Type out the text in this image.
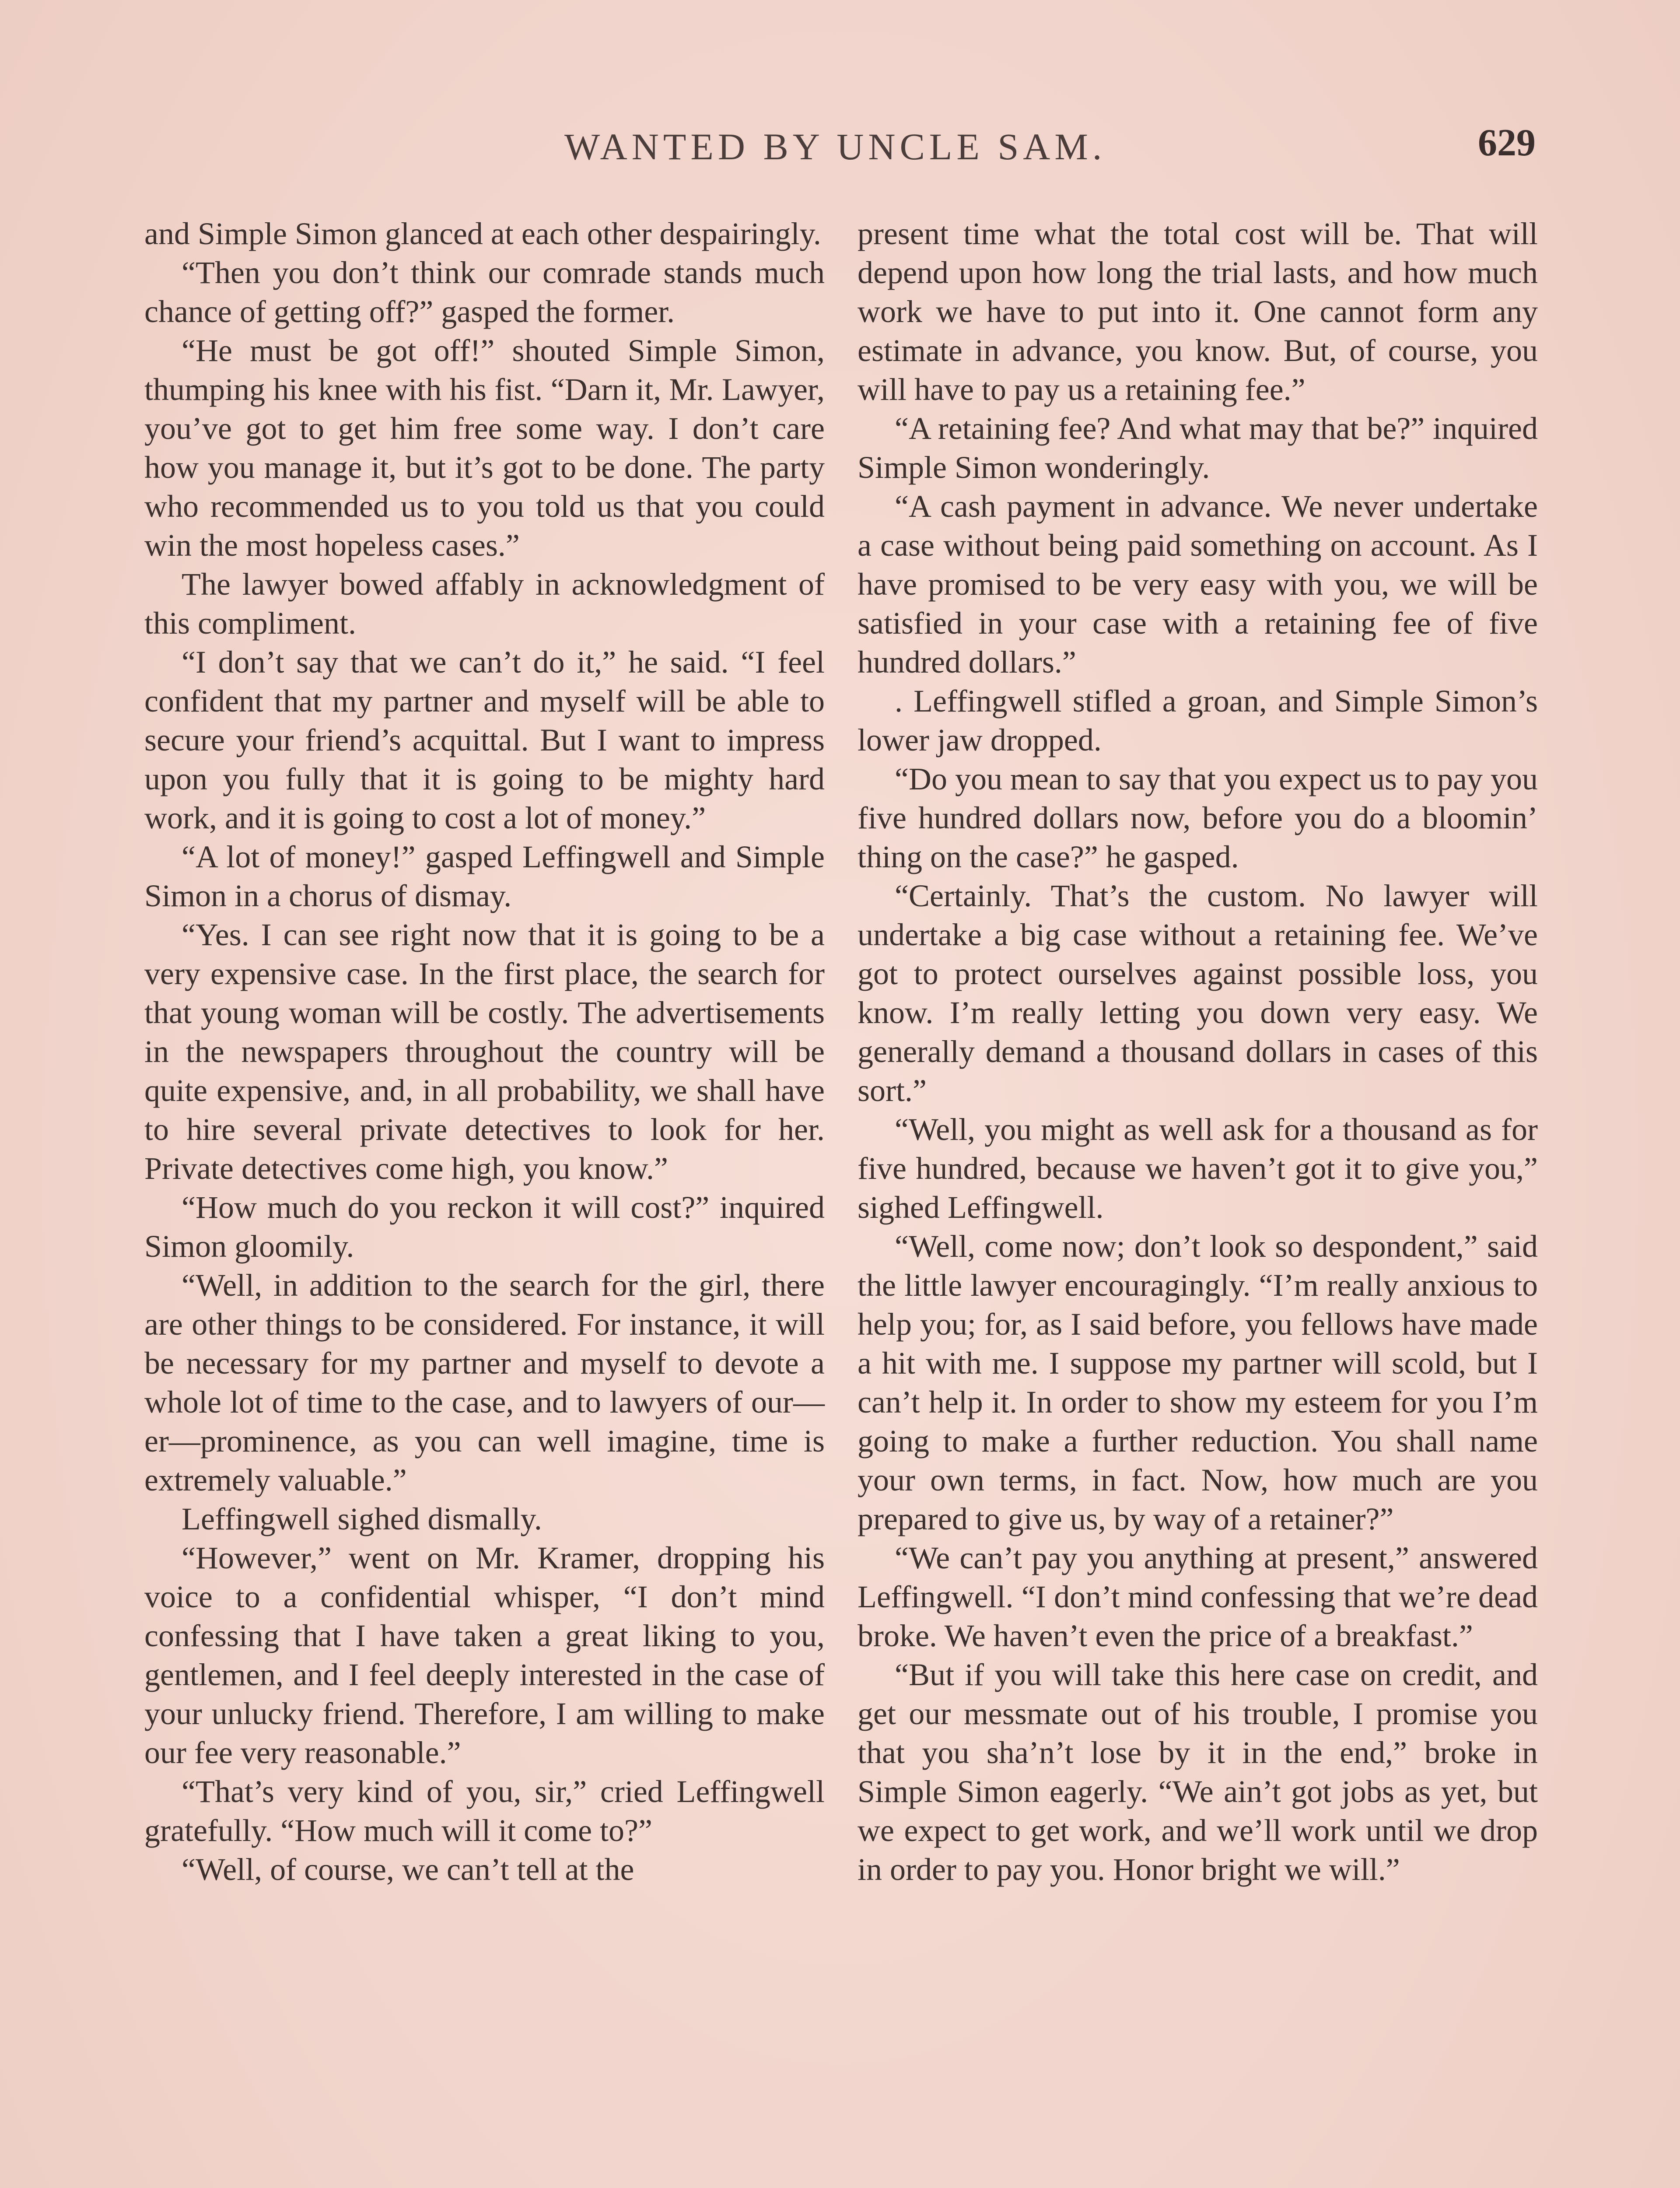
WANTED BY UNCLE SAM.	629

and Simple Simon glanced at each other despairingly.

“Then you don’t think our comrade stands much chance of getting off?” gasped the former.

“He must be got off!” shouted Simple Simon, thumping his knee with his fist. “Darn it, Mr. Lawyer, you’ve got to get him free some way. I don’t care how you manage it, but it’s got to be done. The party who recommended us to you told us that you could win the most hopeless cases.”

The lawyer bowed affably in acknowledgment of this compliment.

“I don’t say that we can’t do it,” he said. “I feel confident that my partner and myself will be able to secure your friend’s acquittal. But I want to impress upon you fully that it is going to be mighty hard work, and it is going to cost a lot of money.”

“A lot of money!” gasped Leffingwell and Simple Simon in a chorus of dismay.

“Yes. I can see right now that it is going to be a very expensive case. In the first place, the search for that young woman will be costly. The advertisements in the newspapers throughout the country will be quite expensive, and, in all probability, we shall have to hire several private detectives to look for her. Private detectives come high, you know.”

“How much do you reckon it will cost?” inquired Simon gloomily.

“Well, in addition to the search for the girl, there are other things to be considered. For instance, it will be necessary for my partner and myself to devote a whole lot of time to the case, and to lawyers of our—er—prominence, as you can well imagine, time is extremely valuable.”

Leffingwell sighed dismally.

“However,” went on Mr. Kramer, dropping his voice to a confidential whisper, “I don’t mind confessing that I have taken a great liking to you, gentlemen, and I feel deeply interested in the case of your unlucky friend. Therefore, I am willing to make our fee very reasonable.”

“That’s very kind of you, sir,” cried Leffingwell gratefully. “How much will it come to?”

“Well, of course, we can’t tell at the

present time what the total cost will be. That will depend upon how long the trial lasts, and how much work we have to put into it. One cannot form any estimate in advance, you know. But, of course, you will have to pay us a retaining fee.”

“A retaining fee? And what may that be?” inquired Simple Simon wonderingly.

“A cash payment in advance. We never undertake a case without being paid something on account. As I have promised to be very easy with you, we will be satisfied in your case with a retaining fee of five hundred dollars.”

. Leffingwell stifled a groan, and Simple Simon’s lower jaw dropped.

“Do you mean to say that you expect us to pay you five hundred dollars now, before you do a bloomin’ thing on the case?” he gasped.

“Certainly. That’s the custom. No lawyer will undertake a big case without a retaining fee. We’ve got to protect ourselves against possible loss, you know. I’m really letting you down very easy. We generally demand a thousand dollars in cases of this sort.”

“Well, you might as well ask for a thousand as for five hundred, because we haven’t got it to give you,” sighed Leffingwell.

“Well, come now; don’t look so despondent,” said the little lawyer encouragingly. “I’m really anxious to help you; for, as I said before, you fellows have made a hit with me. I suppose my partner will scold, but I can’t help it. In order to show my esteem for you I’m going to make a further reduction. You shall name your own terms, in fact. Now, how much are you prepared to give us, by way of a retainer?”

“We can’t pay you anything at present,” answered Leffingwell. “I don’t mind confessing that we’re dead broke. We haven’t even the price of a breakfast.”

“But if you will take this here case on credit, and get our messmate out of his trouble, I promise you that you sha’n’t lose by it in the end,” broke in Simple Simon eagerly. “We ain’t got jobs as yet, but we expect to get work, and we’ll work until we drop in order to pay you. Honor bright we will.”
